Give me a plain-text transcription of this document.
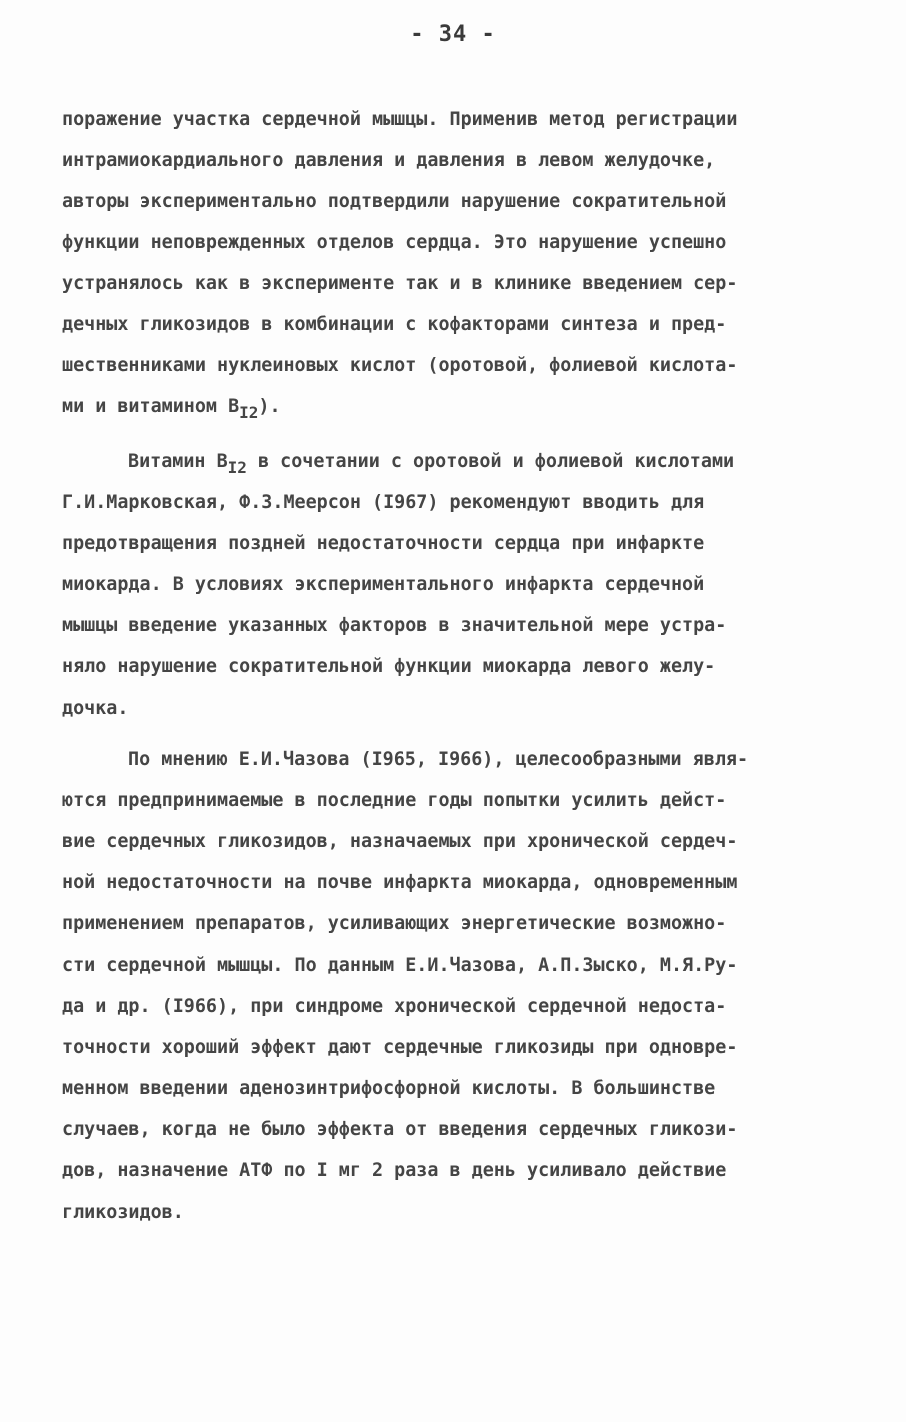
- 34 -
поражение участка сердечной мышцы. Применив метод регистрации
интрамиокардиального давления и давления в левом желудочке,
авторы экспериментально подтвердили нарушение сократительной
функции неповрежденных отделов сердца. Это нарушение успешно
устранялось как в эксперименте так и в клинике введением сер-
дечных гликозидов в комбинации с кофакторами синтеза и пред-
шественниками нуклеиновых кислот (оротовой, фолиевой кислота-
ми и витамином $В_{I2}$).
Витамин $В_{I2}$ в сочетании с оротовой и фолиевой кислотами
Г.И.Марковская, Ф.З.Меерсон (I967) рекомендуют вводить для
предотвращения поздней недостаточности сердца при инфаркте
миокарда. В условиях экспериментального инфаркта сердечной
мышцы введение указанных факторов в значительной мере устра-
няло нарушение сократительной функции миокарда левого желу-
дочка.
По мнению Е.И.Чазова (I965, I966), целесообразными явля-
ются предпринимаемые в последние годы попытки усилить дейст-
вие сердечных гликозидов, назначаемых при хронической сердеч-
ной недостаточности на почве инфаркта миокарда, одновременным
применением препаратов, усиливающих энергетические возможно-
сти сердечной мышцы. По данным Е.И.Чазова, А.П.Зыско, М.Я.Ру-
да и др. (I966), при синдроме хронической сердечной недоста-
точности хороший эффект дают сердечные гликозиды при одновре-
менном введении аденозинтрифосфорной кислоты. В большинстве
случаев, когда не было эффекта от введения сердечных гликози-
дов, назначение АТФ по I мг 2 раза в день усиливало действие
гликозидов.
